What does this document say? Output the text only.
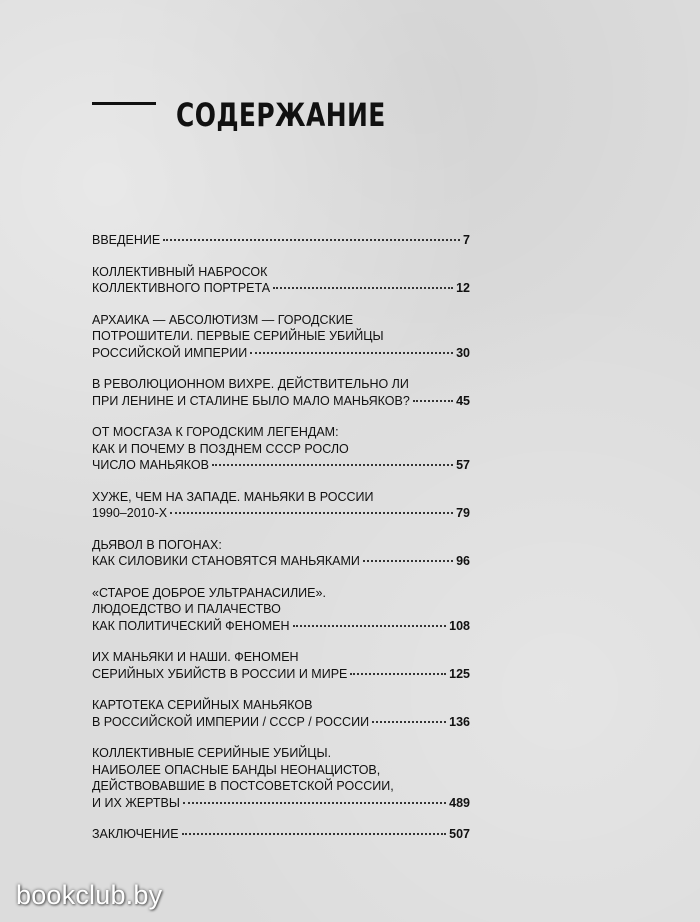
СОДЕРЖАНИЕ
ВВЕДЕНИЕ	7
КОЛЛЕКТИВНЫЙ НАБРОСОК
КОЛЛЕКТИВНОГО ПОРТРЕТА	12
АРХАИКА — АБСОЛЮТИЗМ — ГОРОДСКИЕ
ПОТРОШИТЕЛИ. ПЕРВЫЕ СЕРИЙНЫЕ УБИЙЦЫ
РОССИЙСКОЙ ИМПЕРИИ	30
В РЕВОЛЮЦИОННОМ ВИХРЕ. ДЕЙСТВИТЕЛЬНО ЛИ
ПРИ ЛЕНИНЕ И СТАЛИНЕ БЫЛО МАЛО МАНЬЯКОВ?	45
ОТ МОСГАЗА К ГОРОДСКИМ ЛЕГЕНДАМ:
КАК И ПОЧЕМУ В ПОЗДНЕМ СССР РОСЛО
ЧИСЛО МАНЬЯКОВ	57
ХУЖЕ, ЧЕМ НА ЗАПАДЕ. МАНЬЯКИ В РОССИИ
1990–2010-Х	79
ДЬЯВОЛ В ПОГОНАХ:
КАК СИЛОВИКИ СТАНОВЯТСЯ МАНЬЯКАМИ	96
«СТАРОЕ ДОБРОЕ УЛЬТРАНАСИЛИЕ».
ЛЮДОЕДСТВО И ПАЛАЧЕСТВО
КАК ПОЛИТИЧЕСКИЙ ФЕНОМЕН	108
ИХ МАНЬЯКИ И НАШИ. ФЕНОМЕН
СЕРИЙНЫХ УБИЙСТВ В РОССИИ И МИРЕ	125
КАРТОТЕКА СЕРИЙНЫХ МАНЬЯКОВ
В РОССИЙСКОЙ ИМПЕРИИ / СССР / РОССИИ	136
КОЛЛЕКТИВНЫЕ СЕРИЙНЫЕ УБИЙЦЫ.
НАИБОЛЕЕ ОПАСНЫЕ БАНДЫ НЕОНАЦИСТОВ,
ДЕЙСТВОВАВШИЕ В ПОСТСОВЕТСКОЙ РОССИИ,
И ИХ ЖЕРТВЫ	489
ЗАКЛЮЧЕНИЕ	507
bookclub.by
